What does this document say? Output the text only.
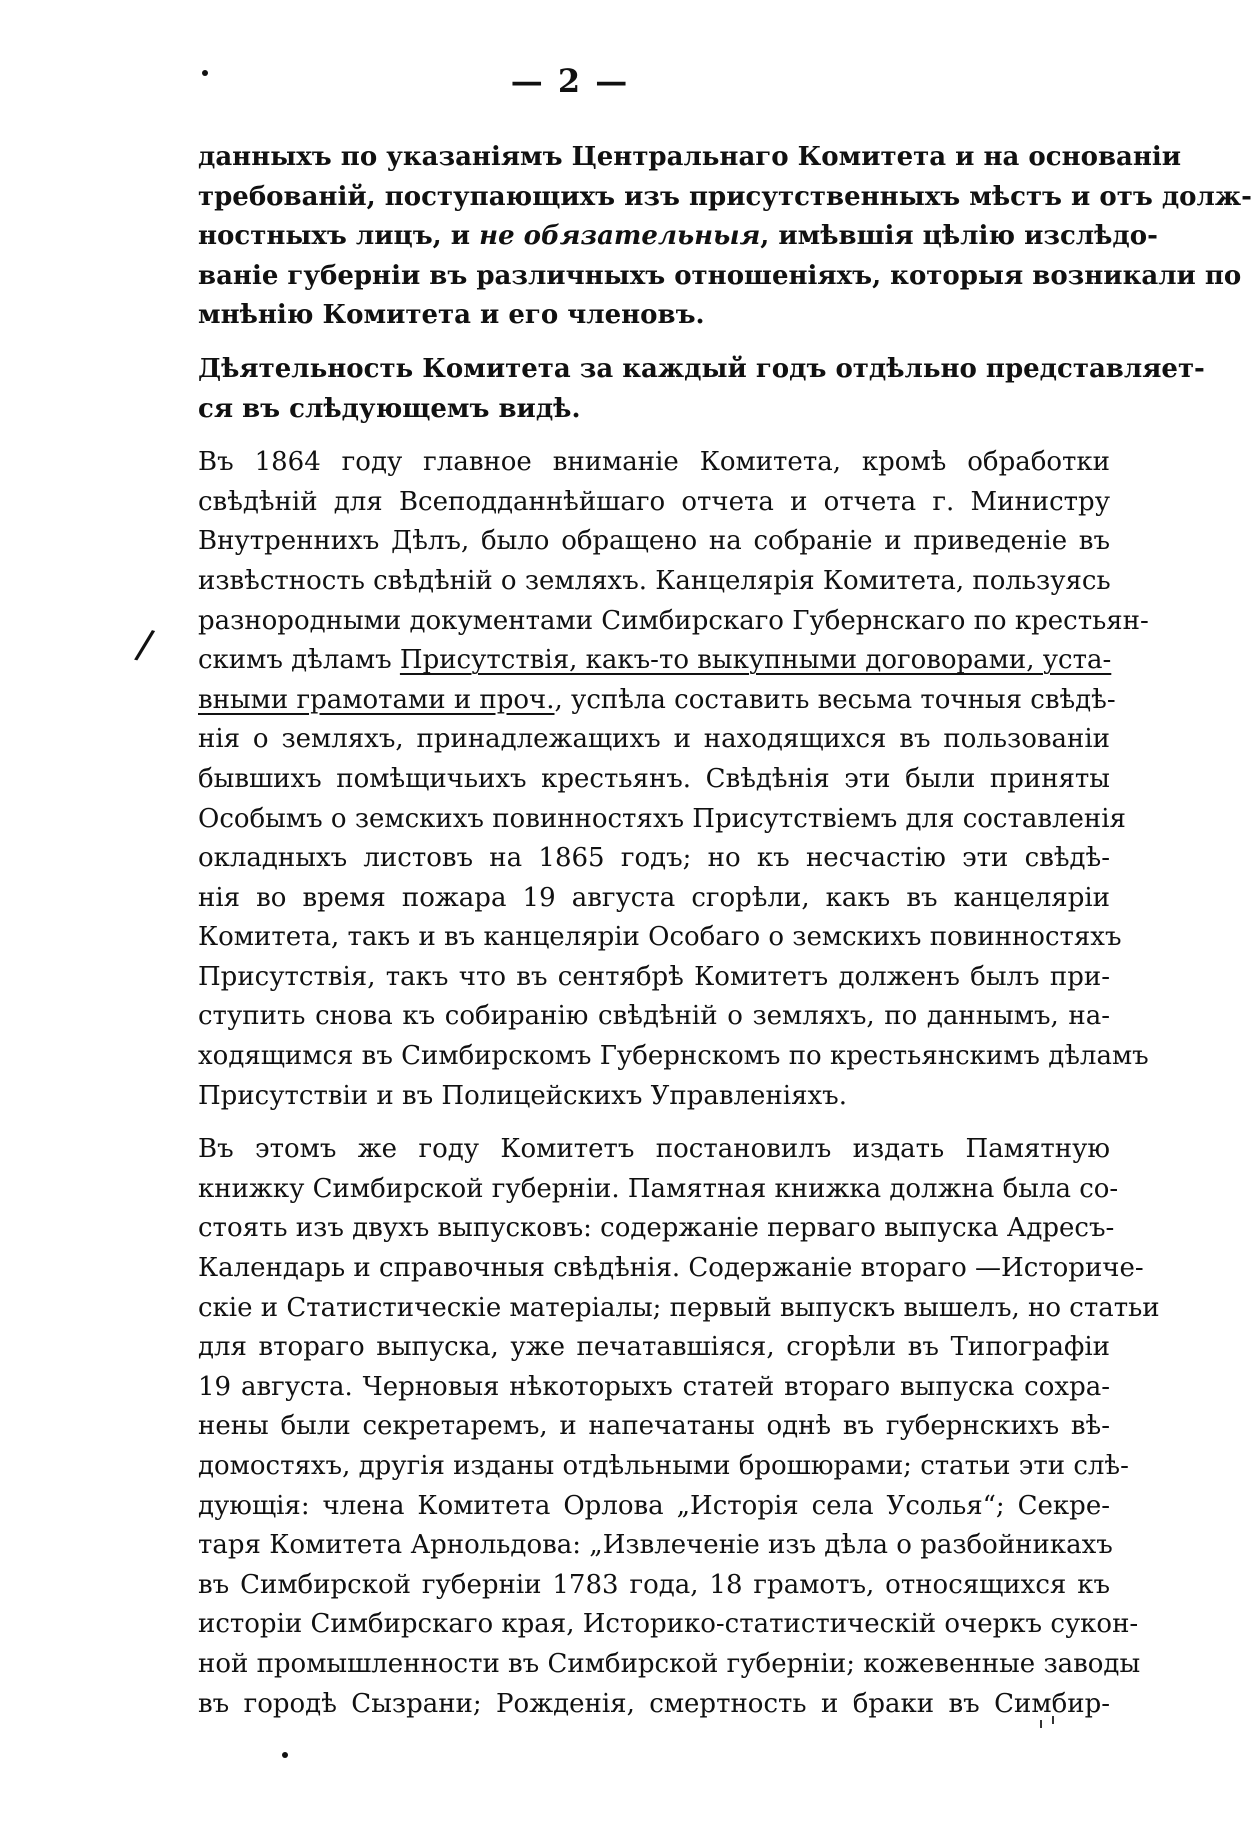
— 2 —
/
данныхъ по указаніямъ Центральнаго Комитета и на основаніи
требованій, поступающихъ изъ присутственныхъ мѣстъ и отъ долж-
ностныхъ лицъ, и не обязательныя, имѣвшія цѣлію изслѣдо-
ваніе губерніи въ различныхъ отношеніяхъ, которыя возникали по
мнѣнію Комитета и его членовъ.
Дѣятельность Комитета за каждый годъ отдѣльно представляет-
ся въ слѣдующемъ видѣ.
Въ 1864 году главное вниманіе Комитета, кромѣ обработки
свѣдѣній для Всеподданнѣйшаго отчета и отчета г. Министру
Внутреннихъ Дѣлъ, было обращено на собраніе и приведеніе въ
извѣстность свѣдѣній о земляхъ. Канцелярія Комитета, пользуясь
разнородными документами Симбирскаго Губернскаго по крестьян-
скимъ дѣламъ Присутствія, какъ-то выкупными договорами, уста-
вными грамотами и проч., успѣла составить весьма точныя свѣдѣ-
нія о земляхъ, принадлежащихъ и находящихся въ пользованіи
бывшихъ помѣщичьихъ крестьянъ. Свѣдѣнія эти были приняты
Особымъ о земскихъ повинностяхъ Присутствіемъ для составленія
окладныхъ листовъ на 1865 годъ; но къ несчастію эти свѣдѣ-
нія во время пожара 19 августа сгорѣли, какъ въ канцеляріи
Комитета, такъ и въ канцеляріи Особаго о земскихъ повинностяхъ
Присутствія, такъ что въ сентябрѣ Комитетъ долженъ былъ при-
ступить снова къ собиранію свѣдѣній о земляхъ, по даннымъ, на-
ходящимся въ Симбирскомъ Губернскомъ по крестьянскимъ дѣламъ
Присутствіи и въ Полицейскихъ Управленіяхъ.
Въ этомъ же году Комитетъ постановилъ издать Памятную
книжку Симбирской губерніи. Памятная книжка должна была со-
стоять изъ двухъ выпусковъ: содержаніе перваго выпуска Адресъ-
Календарь и справочныя свѣдѣнія. Содержаніе втораго —Историче-
скіе и Статистическіе матеріалы; первый выпускъ вышелъ, но статьи
для втораго выпуска, уже печатавшіяся, сгорѣли въ Типографіи
19 августа. Черновыя нѣкоторыхъ статей втораго выпуска сохра-
нены были секретаремъ, и напечатаны однѣ въ губернскихъ вѣ-
домостяхъ, другія изданы отдѣльными брошюрами; статьи эти слѣ-
дующія: члена Комитета Орлова „Исторія села Усолья“; Секре-
таря Комитета Арнольдова: „Извлеченіе изъ дѣла о разбойникахъ
въ Симбирской губерніи 1783 года, 18 грамотъ, относящихся къ
исторіи Симбирскаго края, Историко-статистическій очеркъ сукон-
ной промышленности въ Симбирской губерніи; кожевенные заводы
въ городѣ Сызрани; Рожденія, смертность и браки въ Симбир-
